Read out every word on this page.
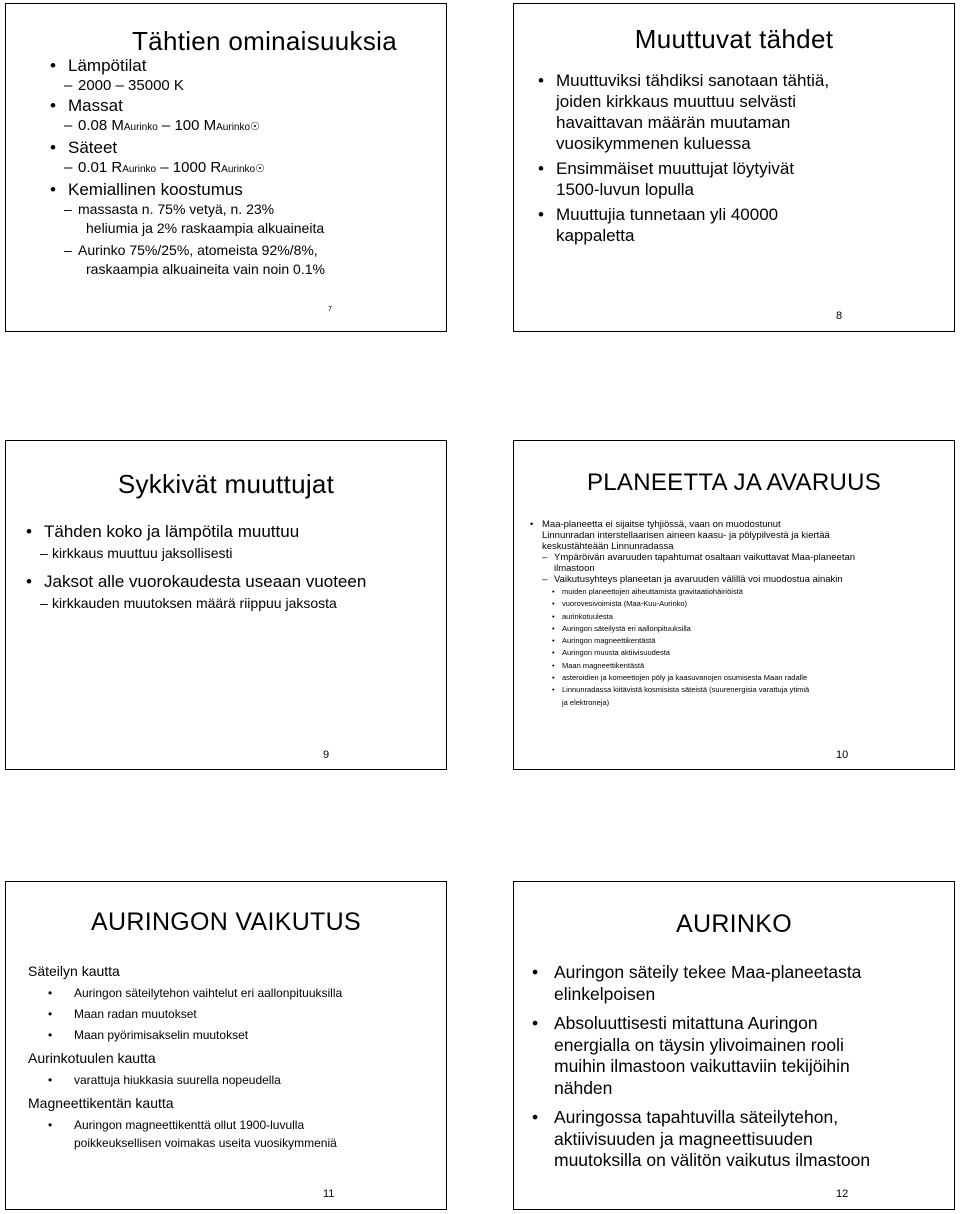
Tähtien ominaisuuksia

• Lämpötilat

– 2000 – 35000 K

• Massat

– 0.08 MAurinko – 100 MAurinko☉

• Säteet

– 0.01 RAurinko – 1000 RAurinko☉

• Kemiallinen koostumus

– massasta n. 75% vetyä, n. 23%

heliumia ja 2% raskaampia alkuaineita

– Aurinko 75%/25%, atomeista 92%/8%,

raskaampia alkuaineita vain noin 0.1%

7
Muuttuvat tähdet

• Muuttuviksi tähdiksi sanotaan tähtiä,

joiden kirkkaus muuttuu selvästi

havaittavan määrän muutaman

vuosikymmenen kuluessa

• Ensimmäiset muuttujat löytyivät

1500-luvun lopulla

• Muuttujia tunnetaan yli 40000

kappaletta

8
Sykkivät muuttujat

• Tähden koko ja lämpötila muuttuu

– kirkkaus muuttuu jaksollisesti

• Jaksot alle vuorokaudesta useaan vuoteen

– kirkkauden muutoksen määrä riippuu jaksosta

9
PLANEETTA JA AVARUUS

• Maa-planeetta ei sijaitse tyhjiössä, vaan on muodostunut

Linnunradan interstellaarisen aineen kaasu- ja pölypilvestä ja kiertää

keskustähteään Linnunradassa

– Ympäröivän avaruuden tapahtumat osaltaan vaikuttavat Maa-planeetan

ilmastoon

– Vaikutusyhteys planeetan ja avaruuden välillä voi muodostua ainakin

• muiden planeettojen aiheuttamista gravitaatiohäiriöistä

• vuorovesivoimista (Maa-Kuu-Aurinko)

• aurinkotuulesta

• Auringon säteilystä eri aallonpituuksilla

• Auringon magneettikentästä

• Auringon muusta aktiivisuudesta

• Maan magneettikentästä

• asteroidien ja komeettojen pöly ja kaasuvanojen osumisesta Maan radalle

• Linnunradassa kiitävistä kosmisista säteistä (suurenergisia varattuja ytimiä

ja elektroneja)

10
AURINGON VAIKUTUS

Säteilyn kautta

• Auringon säteilytehon vaihtelut eri aallonpituuksilla

• Maan radan muutokset

• Maan pyörimisakselin muutokset

Aurinkotuulen kautta

• varattuja hiukkasia suurella nopeudella

Magneettikentän kautta

• Auringon magneettikenttä ollut 1900-luvulla

poikkeuksellisen voimakas useita vuosikymmeniä

11
AURINKO

• Auringon säteily tekee Maa-planeetasta

elinkelpoisen

• Absoluuttisesti mitattuna Auringon

energialla on täysin ylivoimainen rooli

muihin ilmastoon vaikuttaviin tekijöihin

nähden

• Auringossa tapahtuvilla säteilytehon,

aktiivisuuden ja magneettisuuden

muutoksilla on välitön vaikutus ilmastoon

12
